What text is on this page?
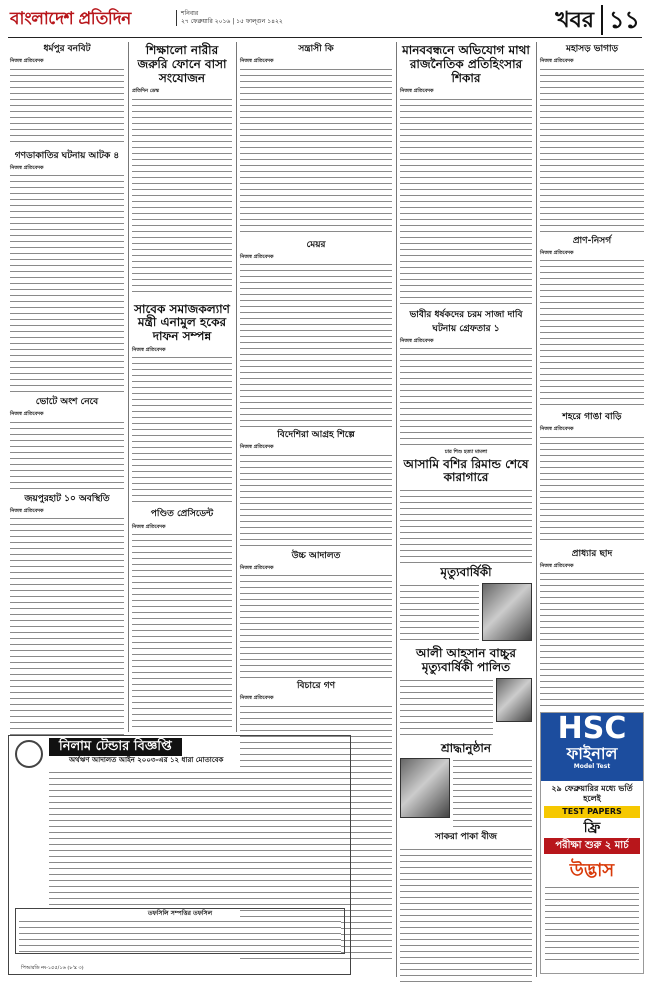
বাংলাদেশ প্রতিদিন	শনিবার
২৭ ফেব্রুয়ারি ২০১৬ | ১৫ ফাল্গুন ১৪২২	খবর ১১
ধর্মপুর বনবিট
নিজস্ব প্রতিবেদক
গণডাকাতির ঘটনায় আটক ৪
নিজস্ব প্রতিবেদক
ভোটে অংশ নেবে
নিজস্ব প্রতিবেদক
জয়পুরহাট ১০ অবস্থিতি
নিজস্ব প্রতিবেদক
শিক্ষালো নারীর জরুরি ফোনে বাসা সংযোজন
প্রতিদিন ডেস্ক
সাবেক সমাজকল্যাণ মন্ত্রী এনামুল হকের দাফন সম্পন্ন
নিজস্ব প্রতিবেদক
পণ্ডিত প্রেসিডেন্ট
নিজস্ব প্রতিবেদক
সন্ত্রাসী কি
নিজস্ব প্রতিবেদক
মেয়র
নিজস্ব প্রতিবেদক
বিদেশিরা আগ্রহ শিল্পে
নিজস্ব প্রতিবেদক
উচ্চ আদালত
নিজস্ব প্রতিবেদক
বিচারে গণ
নিজস্ব প্রতিবেদক
মানববন্ধনে অভিযোগ মাথা রাজনৈতিক প্রতিহিংসার শিকার
নিজস্ব প্রতিবেদক
ভাবীর ধর্ষকদের চরম সাজা দাবি
ঘটনায় গ্রেফতার ১
নিজস্ব প্রতিবেদক
চার শিশু হত্যা মামলা
আসামি বশির রিমান্ড শেষে কারাগারে
মৃত্যুবার্ষিকী
আলী আহসান বাচ্চুর মৃত্যুবার্ষিকী পালিত
শ্রাদ্ধানুষ্ঠান
সাকরা পাকা বীজ
মহাসড় ভাগাড়
নিজস্ব প্রতিবেদক
প্রাণ-নিসর্গ
নিজস্ব প্রতিবেদক
শহরে গাঙা বাড়ি
নিজস্ব প্রতিবেদক
প্রাধ্যার ছাদ
নিজস্ব প্রতিবেদক
নিলাম টেন্ডার বিজ্ঞপ্তি
অর্থঋণ আদালত আইন ২০০৩-এর ১২ ধারা মোতাবেক
তফসিলি সম্পত্তির তফসিল
পিআরডি নং-১৫৫/১৬ (৮'x ৩)
HSC
ফাইনাল
Model Test
২৯ ফেব্রুয়ারির মধ্যে ভর্তি হলেই
TEST PAPERS
ফ্রি
পরীক্ষা শুরু ২ মার্চ
উদ্ভাস
